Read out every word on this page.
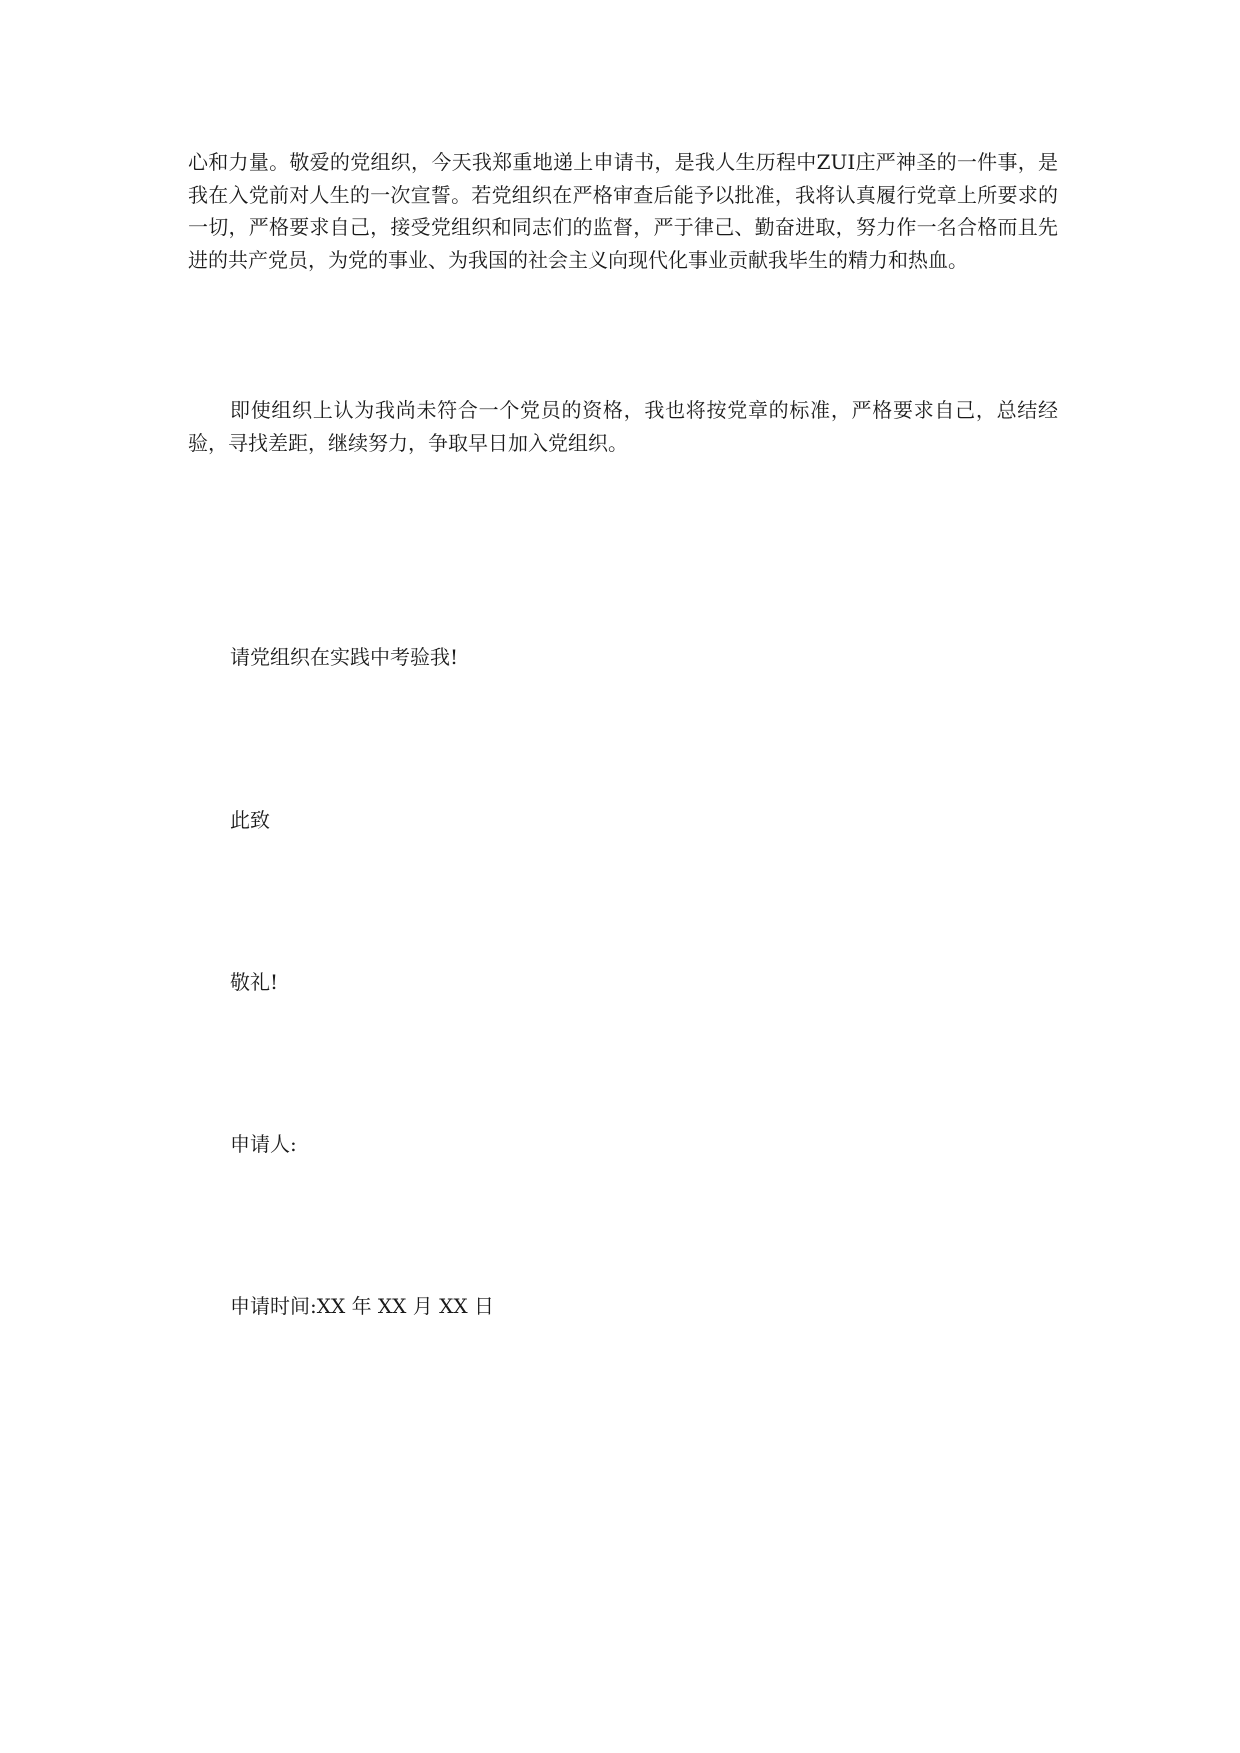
心和力量。敬爱的党组织，今天我郑重地递上申请书，是我人生历程中ZUI庄严神圣的一件事，是我在入党前对人生的一次宣誓。若党组织在严格审查后能予以批准，我将认真履行党章上所要求的一切，严格要求自己，接受党组织和同志们的监督，严于律己、勤奋进取，努力作一名合格而且先进的共产党员，为党的事业、为我国的社会主义向现代化事业贡献我毕生的精力和热血。

即使组织上认为我尚未符合一个党员的资格，我也将按党章的标准，严格要求自己，总结经验，寻找差距，继续努力，争取早日加入党组织。

请党组织在实践中考验我!

此致

敬礼!

申请人:

申请时间:XX 年 XX 月 XX 日
